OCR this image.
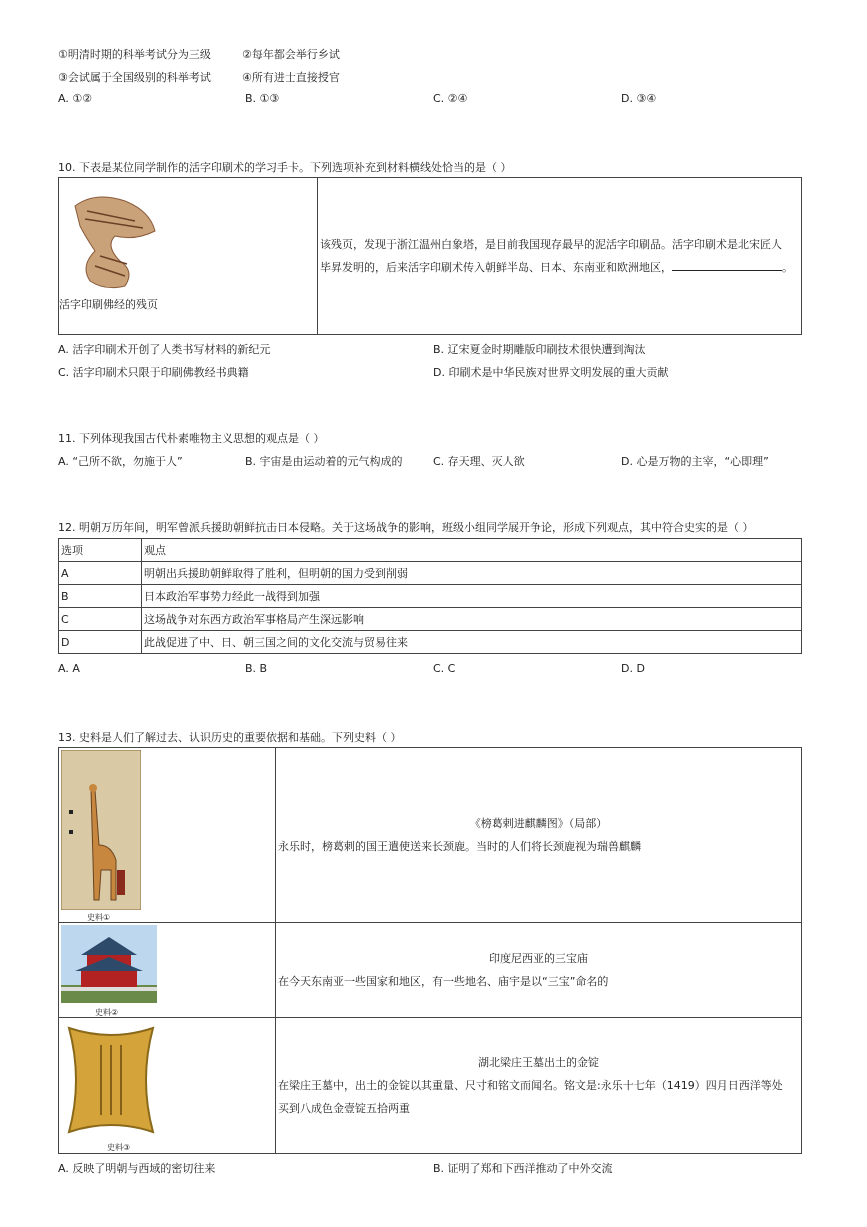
①明清时期的科举考试分为三级	②每年都会举行乡试
③会试属于全国级别的科举考试	④所有进士直接授官
A. ①②	B. ①③	C. ②④	D. ③④
10. 下表是某位同学制作的活字印刷术的学习手卡。下列选项补充到材料横线处恰当的是（ ）
活字印刷佛经的残页

该残页，发现于浙江温州白象塔，是目前我国现存最早的泥活字印刷品。活字印刷术是北宋匠人
毕昇发明的，后来活字印刷术传入朝鲜半岛、日本、东南亚和欧洲地区，	。
A. 活字印刷术开创了人类书写材料的新纪元	B. 辽宋夏金时期雕版印刷技术很快遭到淘汰
C. 活字印刷术只限于印刷佛教经书典籍	D. 印刷术是中华民族对世界文明发展的重大贡献
11. 下列体现我国古代朴素唯物主义思想的观点是（ ）
A. “己所不欲，勿施于人”	B. 宇宙是由运动着的元气构成的	C. 存天理、灭人欲	D. 心是万物的主宰，“心即理”
12. 明朝万历年间，明军曾派兵援助朝鲜抗击日本侵略。关于这场战争的影响，班级小组同学展开争论，形成下列观点，其中符合史实的是（ ）
选项	观点
A	明朝出兵援助朝鲜取得了胜利，但明朝的国力受到削弱
B	日本政治军事势力经此一战得到加强
C	这场战争对东西方政治军事格局产生深远影响
D	此战促进了中、日、朝三国之间的文化交流与贸易往来
A. A	B. B	C. C	D. D
13. 史料是人们了解过去、认识历史的重要依据和基础。下列史料（ ）
史料①	《榜葛剌进麒麟图》（局部）
永乐时，榜葛剌的国王遣使送来长颈鹿。当时的人们将长颈鹿视为瑞兽麒麟

史料②	印度尼西亚的三宝庙
在今天东南亚一些国家和地区，有一些地名、庙宇是以“三宝”命名的

史料③	湖北梁庄王墓出土的金锭
在梁庄王墓中，出土的金锭以其重量、尺寸和铭文而闻名。铭文是:永乐十七年（1419）四月日西洋等处
买到八成色金壹锭五拾两重
A. 反映了明朝与西域的密切往来	B. 证明了郑和下西洋推动了中外交流
